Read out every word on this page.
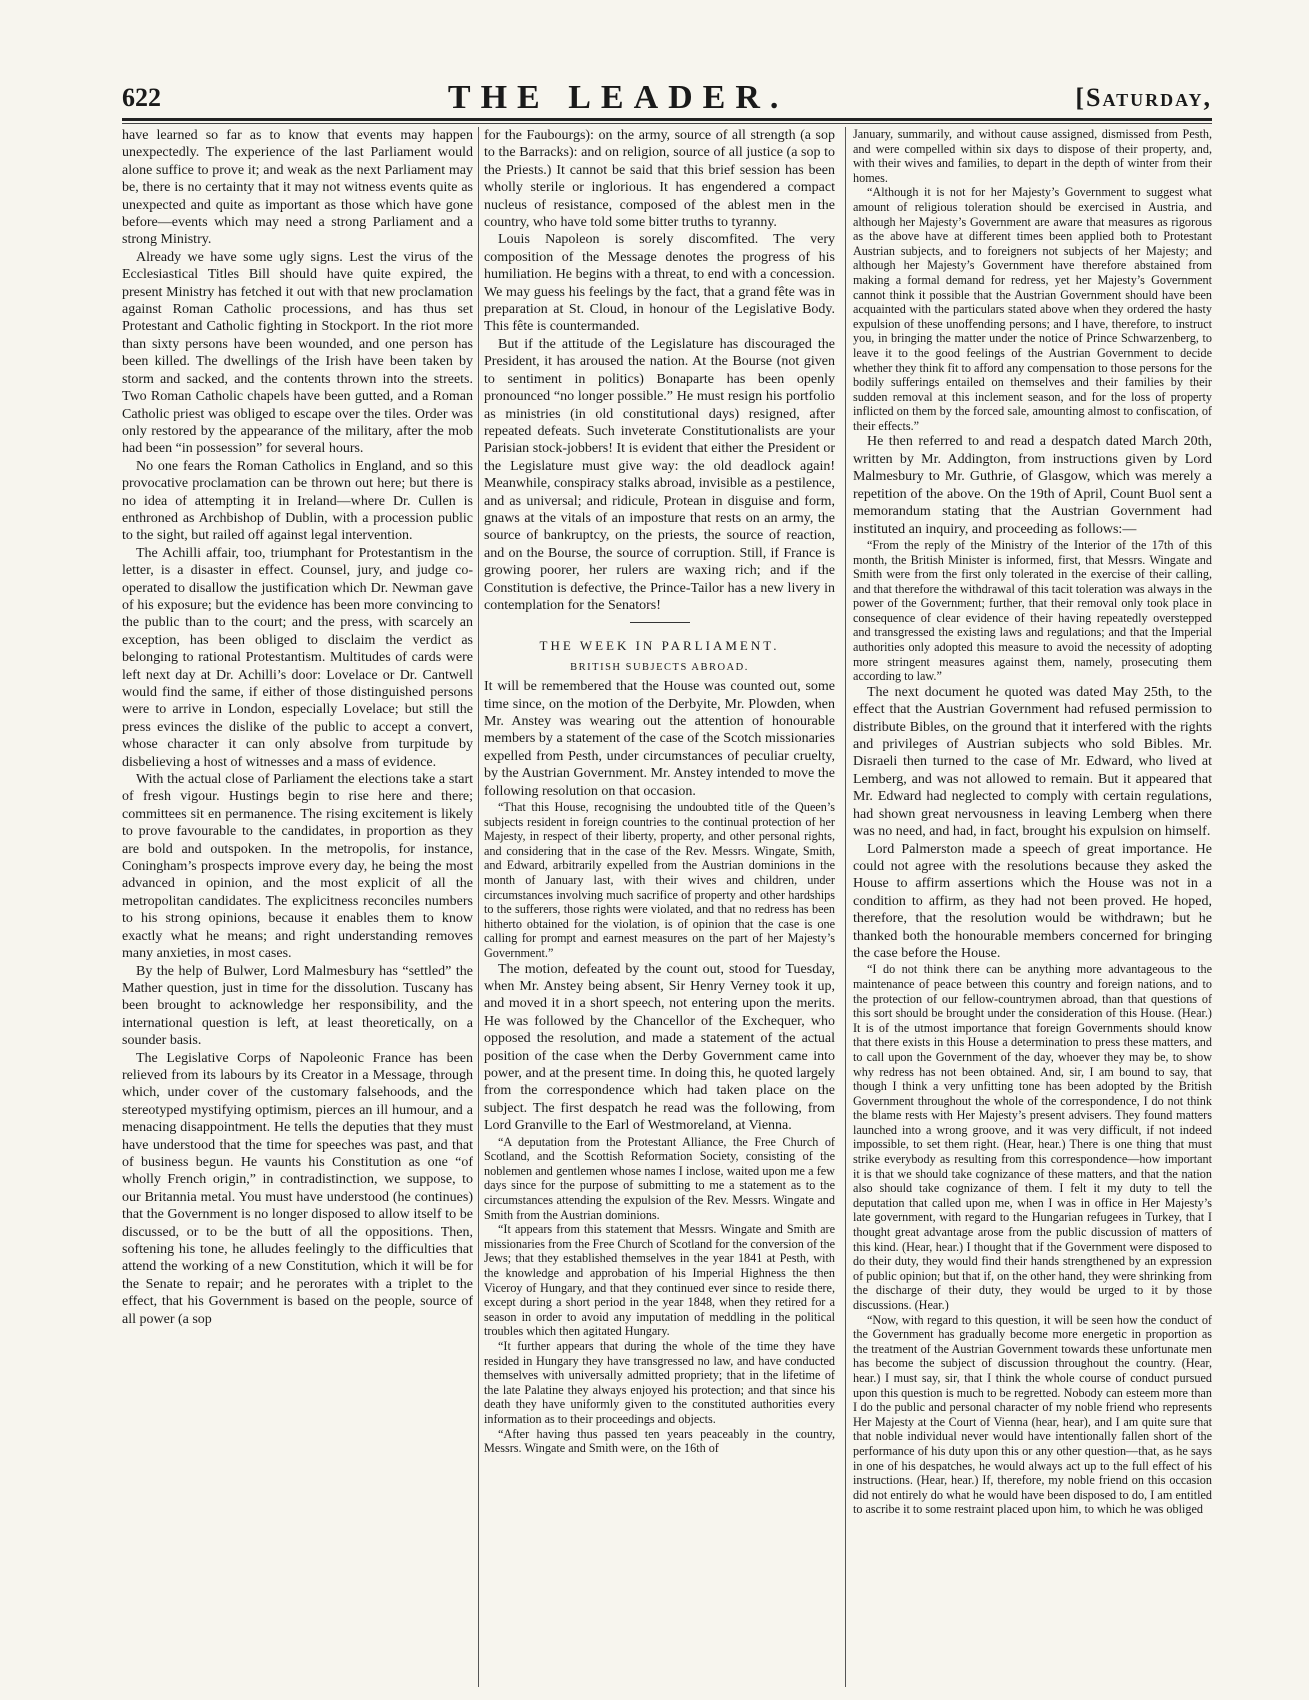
622	THE LEADER.	[Saturday,

have learned so far as to know that events may happen unexpectedly. The experience of the last Parliament would alone suffice to prove it; and weak as the next Parliament may be, there is no certainty that it may not witness events quite as unexpected and quite as important as those which have gone before—events which may need a strong Parliament and a strong Ministry.

Already we have some ugly signs. Lest the virus of the Ecclesiastical Titles Bill should have quite expired, the present Ministry has fetched it out with that new proclamation against Roman Catholic processions, and has thus set Protestant and Catholic fighting in Stockport. In the riot more than sixty persons have been wounded, and one person has been killed. The dwellings of the Irish have been taken by storm and sacked, and the contents thrown into the streets. Two Roman Catholic chapels have been gutted, and a Roman Catholic priest was obliged to escape over the tiles. Order was only restored by the appearance of the military, after the mob had been “in possession” for several hours.

No one fears the Roman Catholics in England, and so this provocative proclamation can be thrown out here; but there is no idea of attempting it in Ireland—where Dr. Cullen is enthroned as Archbishop of Dublin, with a procession public to the sight, but railed off against legal intervention.

The Achilli affair, too, triumphant for Protestantism in the letter, is a disaster in effect. Counsel, jury, and judge co-operated to disallow the justification which Dr. Newman gave of his exposure; but the evidence has been more convincing to the public than to the court; and the press, with scarcely an exception, has been obliged to disclaim the verdict as belonging to rational Protestantism. Multitudes of cards were left next day at Dr. Achilli’s door: Lovelace or Dr. Cantwell would find the same, if either of those distinguished persons were to arrive in London, especially Lovelace; but still the press evinces the dislike of the public to accept a convert, whose character it can only absolve from turpitude by disbelieving a host of witnesses and a mass of evidence.

With the actual close of Parliament the elections take a start of fresh vigour. Hustings begin to rise here and there; committees sit en permanence. The rising excitement is likely to prove favourable to the candidates, in proportion as they are bold and outspoken. In the metropolis, for instance, Coningham’s prospects improve every day, he being the most advanced in opinion, and the most explicit of all the metropolitan candidates. The explicitness reconciles numbers to his strong opinions, because it enables them to know exactly what he means; and right understanding removes many anxieties, in most cases.

By the help of Bulwer, Lord Malmesbury has “settled” the Mather question, just in time for the dissolution. Tuscany has been brought to acknowledge her responsibility, and the international question is left, at least theoretically, on a sounder basis.

The Legislative Corps of Napoleonic France has been relieved from its labours by its Creator in a Message, through which, under cover of the customary falsehoods, and the stereotyped mystifying optimism, pierces an ill humour, and a menacing disappointment. He tells the deputies that they must have understood that the time for speeches was past, and that of business begun. He vaunts his Constitution as one “of wholly French origin,” in contradistinction, we suppose, to our Britannia metal. You must have understood (he continues) that the Government is no longer disposed to allow itself to be discussed, or to be the butt of all the oppositions. Then, softening his tone, he alludes feelingly to the difficulties that attend the working of a new Constitution, which it will be for the Senate to repair; and he perorates with a triplet to the effect, that his Government is based on the people, source of all power (a sop

for the Faubourgs): on the army, source of all strength (a sop to the Barracks): and on religion, source of all justice (a sop to the Priests.) It cannot be said that this brief session has been wholly sterile or inglorious. It has engendered a compact nucleus of resistance, composed of the ablest men in the country, who have told some bitter truths to tyranny.

Louis Napoleon is sorely discomfited. The very composition of the Message denotes the progress of his humiliation. He begins with a threat, to end with a concession. We may guess his feelings by the fact, that a grand fête was in preparation at St. Cloud, in honour of the Legislative Body. This fête is countermanded.

But if the attitude of the Legislature has discouraged the President, it has aroused the nation. At the Bourse (not given to sentiment in politics) Bonaparte has been openly pronounced “no longer possible.” He must resign his portfolio as ministries (in old constitutional days) resigned, after repeated defeats. Such inveterate Constitutionalists are your Parisian stock-jobbers! It is evident that either the President or the Legislature must give way: the old deadlock again! Meanwhile, conspiracy stalks abroad, invisible as a pestilence, and as universal; and ridicule, Protean in disguise and form, gnaws at the vitals of an imposture that rests on an army, the source of bankruptcy, on the priests, the source of reaction, and on the Bourse, the source of corruption. Still, if France is growing poorer, her rulers are waxing rich; and if the Constitution is defective, the Prince-Tailor has a new livery in contemplation for the Senators!

THE WEEK IN PARLIAMENT.

BRITISH SUBJECTS ABROAD.

It will be remembered that the House was counted out, some time since, on the motion of the Derbyite, Mr. Plowden, when Mr. Anstey was wearing out the attention of honourable members by a statement of the case of the Scotch missionaries expelled from Pesth, under circumstances of peculiar cruelty, by the Austrian Government. Mr. Anstey intended to move the following resolution on that occasion.

“That this House, recognising the undoubted title of the Queen’s subjects resident in foreign countries to the continual protection of her Majesty, in respect of their liberty, property, and other personal rights, and considering that in the case of the Rev. Messrs. Wingate, Smith, and Edward, arbitrarily expelled from the Austrian dominions in the month of January last, with their wives and children, under circumstances involving much sacrifice of property and other hardships to the sufferers, those rights were violated, and that no redress has been hitherto obtained for the violation, is of opinion that the case is one calling for prompt and earnest measures on the part of her Majesty’s Government.”

The motion, defeated by the count out, stood for Tuesday, when Mr. Anstey being absent, Sir Henry Verney took it up, and moved it in a short speech, not entering upon the merits. He was followed by the Chancellor of the Exchequer, who opposed the resolution, and made a statement of the actual position of the case when the Derby Government came into power, and at the present time. In doing this, he quoted largely from the correspondence which had taken place on the subject. The first despatch he read was the following, from Lord Granville to the Earl of Westmoreland, at Vienna.

“A deputation from the Protestant Alliance, the Free Church of Scotland, and the Scottish Reformation Society, consisting of the noblemen and gentlemen whose names I inclose, waited upon me a few days since for the purpose of submitting to me a statement as to the circumstances attending the expulsion of the Rev. Messrs. Wingate and Smith from the Austrian dominions.

“It appears from this statement that Messrs. Wingate and Smith are missionaries from the Free Church of Scotland for the conversion of the Jews; that they established themselves in the year 1841 at Pesth, with the knowledge and approbation of his Imperial Highness the then Viceroy of Hungary, and that they continued ever since to reside there, except during a short period in the year 1848, when they retired for a season in order to avoid any imputation of meddling in the political troubles which then agitated Hungary.

“It further appears that during the whole of the time they have resided in Hungary they have transgressed no law, and have conducted themselves with universally admitted propriety; that in the lifetime of the late Palatine they always enjoyed his protection; and that since his death they have uniformly given to the constituted authorities every information as to their proceedings and objects.

“After having thus passed ten years peaceably in the country, Messrs. Wingate and Smith were, on the 16th of

January, summarily, and without cause assigned, dismissed from Pesth, and were compelled within six days to dispose of their property, and, with their wives and families, to depart in the depth of winter from their homes.

“Although it is not for her Majesty’s Government to suggest what amount of religious toleration should be exercised in Austria, and although her Majesty’s Government are aware that measures as rigorous as the above have at different times been applied both to Protestant Austrian subjects, and to foreigners not subjects of her Majesty; and although her Majesty’s Government have therefore abstained from making a formal demand for redress, yet her Majesty’s Government cannot think it possible that the Austrian Government should have been acquainted with the particulars stated above when they ordered the hasty expulsion of these unoffending persons; and I have, therefore, to instruct you, in bringing the matter under the notice of Prince Schwarzenberg, to leave it to the good feelings of the Austrian Government to decide whether they think fit to afford any compensation to those persons for the bodily sufferings entailed on themselves and their families by their sudden removal at this inclement season, and for the loss of property inflicted on them by the forced sale, amounting almost to confiscation, of their effects.”

He then referred to and read a despatch dated March 20th, written by Mr. Addington, from instructions given by Lord Malmesbury to Mr. Guthrie, of Glasgow, which was merely a repetition of the above. On the 19th of April, Count Buol sent a memorandum stating that the Austrian Government had instituted an inquiry, and proceeding as follows:—

“From the reply of the Ministry of the Interior of the 17th of this month, the British Minister is informed, first, that Messrs. Wingate and Smith were from the first only tolerated in the exercise of their calling, and that therefore the withdrawal of this tacit toleration was always in the power of the Government; further, that their removal only took place in consequence of clear evidence of their having repeatedly overstepped and transgressed the existing laws and regulations; and that the Imperial authorities only adopted this measure to avoid the necessity of adopting more stringent measures against them, namely, prosecuting them according to law.”

The next document he quoted was dated May 25th, to the effect that the Austrian Government had refused permission to distribute Bibles, on the ground that it interfered with the rights and privileges of Austrian subjects who sold Bibles. Mr. Disraeli then turned to the case of Mr. Edward, who lived at Lemberg, and was not allowed to remain. But it appeared that Mr. Edward had neglected to comply with certain regulations, had shown great nervousness in leaving Lemberg when there was no need, and had, in fact, brought his expulsion on himself.

Lord Palmerston made a speech of great importance. He could not agree with the resolutions because they asked the House to affirm assertions which the House was not in a condition to affirm, as they had not been proved. He hoped, therefore, that the resolution would be withdrawn; but he thanked both the honourable members concerned for bringing the case before the House.

“I do not think there can be anything more advantageous to the maintenance of peace between this country and foreign nations, and to the protection of our fellow-countrymen abroad, than that questions of this sort should be brought under the consideration of this House. (Hear.) It is of the utmost importance that foreign Governments should know that there exists in this House a determination to press these matters, and to call upon the Government of the day, whoever they may be, to show why redress has not been obtained. And, sir, I am bound to say, that though I think a very unfitting tone has been adopted by the British Government throughout the whole of the correspondence, I do not think the blame rests with Her Majesty’s present advisers. They found matters launched into a wrong groove, and it was very difficult, if not indeed impossible, to set them right. (Hear, hear.) There is one thing that must strike everybody as resulting from this correspondence—how important it is that we should take cognizance of these matters, and that the nation also should take cognizance of them. I felt it my duty to tell the deputation that called upon me, when I was in office in Her Majesty’s late government, with regard to the Hungarian refugees in Turkey, that I thought great advantage arose from the public discussion of matters of this kind. (Hear, hear.) I thought that if the Government were disposed to do their duty, they would find their hands strengthened by an expression of public opinion; but that if, on the other hand, they were shrinking from the discharge of their duty, they would be urged to it by those discussions. (Hear.)

“Now, with regard to this question, it will be seen how the conduct of the Government has gradually become more energetic in proportion as the treatment of the Austrian Government towards these unfortunate men has become the subject of discussion throughout the country. (Hear, hear.) I must say, sir, that I think the whole course of conduct pursued upon this question is much to be regretted. Nobody can esteem more than I do the public and personal character of my noble friend who represents Her Majesty at the Court of Vienna (hear, hear), and I am quite sure that that noble individual never would have intentionally fallen short of the performance of his duty upon this or any other question—that, as he says in one of his despatches, he would always act up to the full effect of his instructions. (Hear, hear.) If, therefore, my noble friend on this occasion did not entirely do what he would have been disposed to do, I am entitled to ascribe it to some restraint placed upon him, to which he was obliged
